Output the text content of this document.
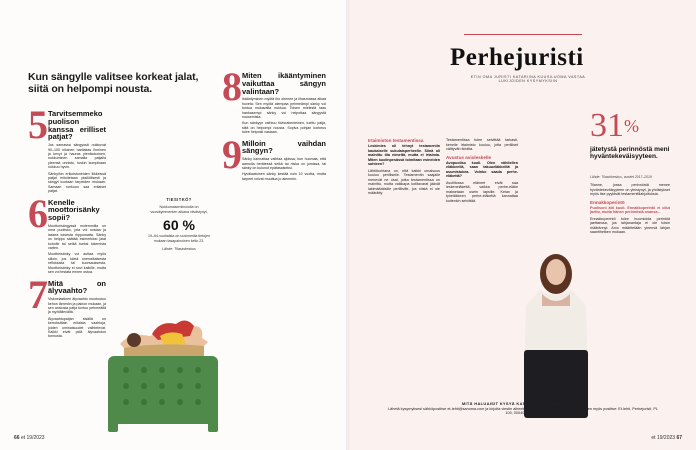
Kun sängylle valitsee korkeat jalat, siitä on helpompi nousta.
5 Tarvitsemmeko puolison kanssa erilliset patjat?

Jos samassa sängyssä nukkuvat 90–100 kiloinen hartiakas ihminen ja kevyt ja hauras pienikokoinen, nukkuminen samalla patjalla yleensä onnistu, tuskin kumpikaan nukkuu hyvin.

Sänkyihin erikoistuneiden liikkeissä patjat mitoitetaan yksilöllisesti ja sängyt kootaan tarpeiden mukaan. Samaan runkoon saa erilaiset patjat.

6 Kenelle moottorisänky sopii?

Moottorisängyssä molemmilla on oma puolisko, jota voi nostaa ja laskea toisesta riippumatta. Sänky on helppo säätää esimerkiksi jalat koholle tai selkä tueksi lukemista varten.

Moottorisänky voi auttaa myös silloin, jos kärsii unenaikaisesta refluksista tai kuorsauksesta. Moottorisänky ei sovi kaikille, mutta sen voi testata ennen ostoa.

7 Mitä on älyvaahto?

Viskoelastinen älyvaahto muotoutuu kehon lämmön ja painon mukaan, ja sen ansiosta patja tuntuu pehmeältä ja myötäilevältä.

Älyvaahtopatjan sisällä on kerroksittain erilaisia vaahtoja, joiden ominaisuudet vaihtelevat. Kaikki eivät pidä älyvaahdon tunnusta.

8 Miten ikääntyminen vaikuttaa sängyn valintaan?

Ikääntyminen myötä iho ohenee ja lihasmassa alkaa huveta. Sen myötä alempaa pehmeämpi sänky voi tuntua mukavalta nukkua. Toisen mielestä taas hankasempi sänky voi helpottaa sängystä nousemista.

Kun sänkyyn vaihtuu tiivisrakenteinen, tuettu patja, siitä on helpompi nousta. Sopiva pohjan korkeus tulee helposti vastaan.

9 Milloin vaihdan sängyn?

Sänky kannattaa vaihtaa ajoissa, kun huomaa, että aamulla herätessä selkä tai niska on jumissa, tai sänky on kulunut epätasaiseksi.

Hyvälaatuinen sänky kestää noin 10 vuotta, mutta tarpeet voivat muuttua jo aiemmin.

TIESITKÖ?
Nukkumasemiinoiulla on vuosikymmenten aikana vilvästynyt,
60 %
19–64-vuotiaista on uusimmilla tietojen mukaan tasapainoinen kello 23.
Lähde: Tilastokeskus
66 et 19/2023
Perhejuristi
ETIN OMA JURISTI KATARIINA KUUSILUOMA VASTAA LUKIJOIDEN KYSYMYKSIIN
Irtaimiston testamentissa

Leskimies oli tehnyt testamentin kaukaiselle sukulaisperheelle. Siinä oli mainittu tila nimeltä, mutta ei irtaimia. Miten kuolinpesässä toimitaan esineiden suhteen?

Lähtökohtana on, että kaikki omaisuus kuuluu perilliselle. Testamentin saajalle menevät ne osat, jotka testamentissa on mainittu, mutta vaikkapa kotitavarat jäävät lakimääräisille perillisille, jos niistä ei ole määrätty.

Testamentissa tulee selvittää tarkasti, kenelle irtaimisto kuuluu, jotta perilliset välttyvät riidoilta.

Avustus avioleskelle

Avopuoliso kuoli. Olen vähitellen eläkkeellä, saan takuueläkkeiltä ja asumistukea. Voinko saada perhe-eläkettä?

Avoliitossa eläneet eivät saa leskeneläkettä, vaikka perhe-eläke maksetaan usein lapsille. Kelan ja työeläkkeen perhe-eläkettä kannattaa kuitenkin selvittää.

31%
jätetystä perinnöstä meni hyväntekeväisyyteen.
Lähde: Tilastokeskus, vuodet 2017–2019

Tilanne, jossa perinnöstä menee hyväntekeväisyyteen on yleistynyt, ja yhdistykset myös itse pyytävät testamenttilahjoituksia.

Ennakkoperintö

Puolisoni äiti kuoli. Ennakkoperintö ei ollut jaettu, mutta hänen perinnöstä osansa...

Ennakkoperintö tulee huomioida perintöä jaettaessa, jos lahjanantaja ei ole toisin määrännyt. Arvo määritetään yleensä lahjan saantihetken mukaan.

MITÄ HALUAISIT KYSYÄ KATARIINALTA LAKIASIOISTA?
Lähetä kysymyksesi sähköpostitse et-lehti@sanoma.com ja kirjoita viestin aiheeksi Perhejuristi. Voit lähettää kysymyksen myös postitse: Et-lehti, Perhejuristi, PL 100, 00040 Sanoma.
et 19/2023 67
